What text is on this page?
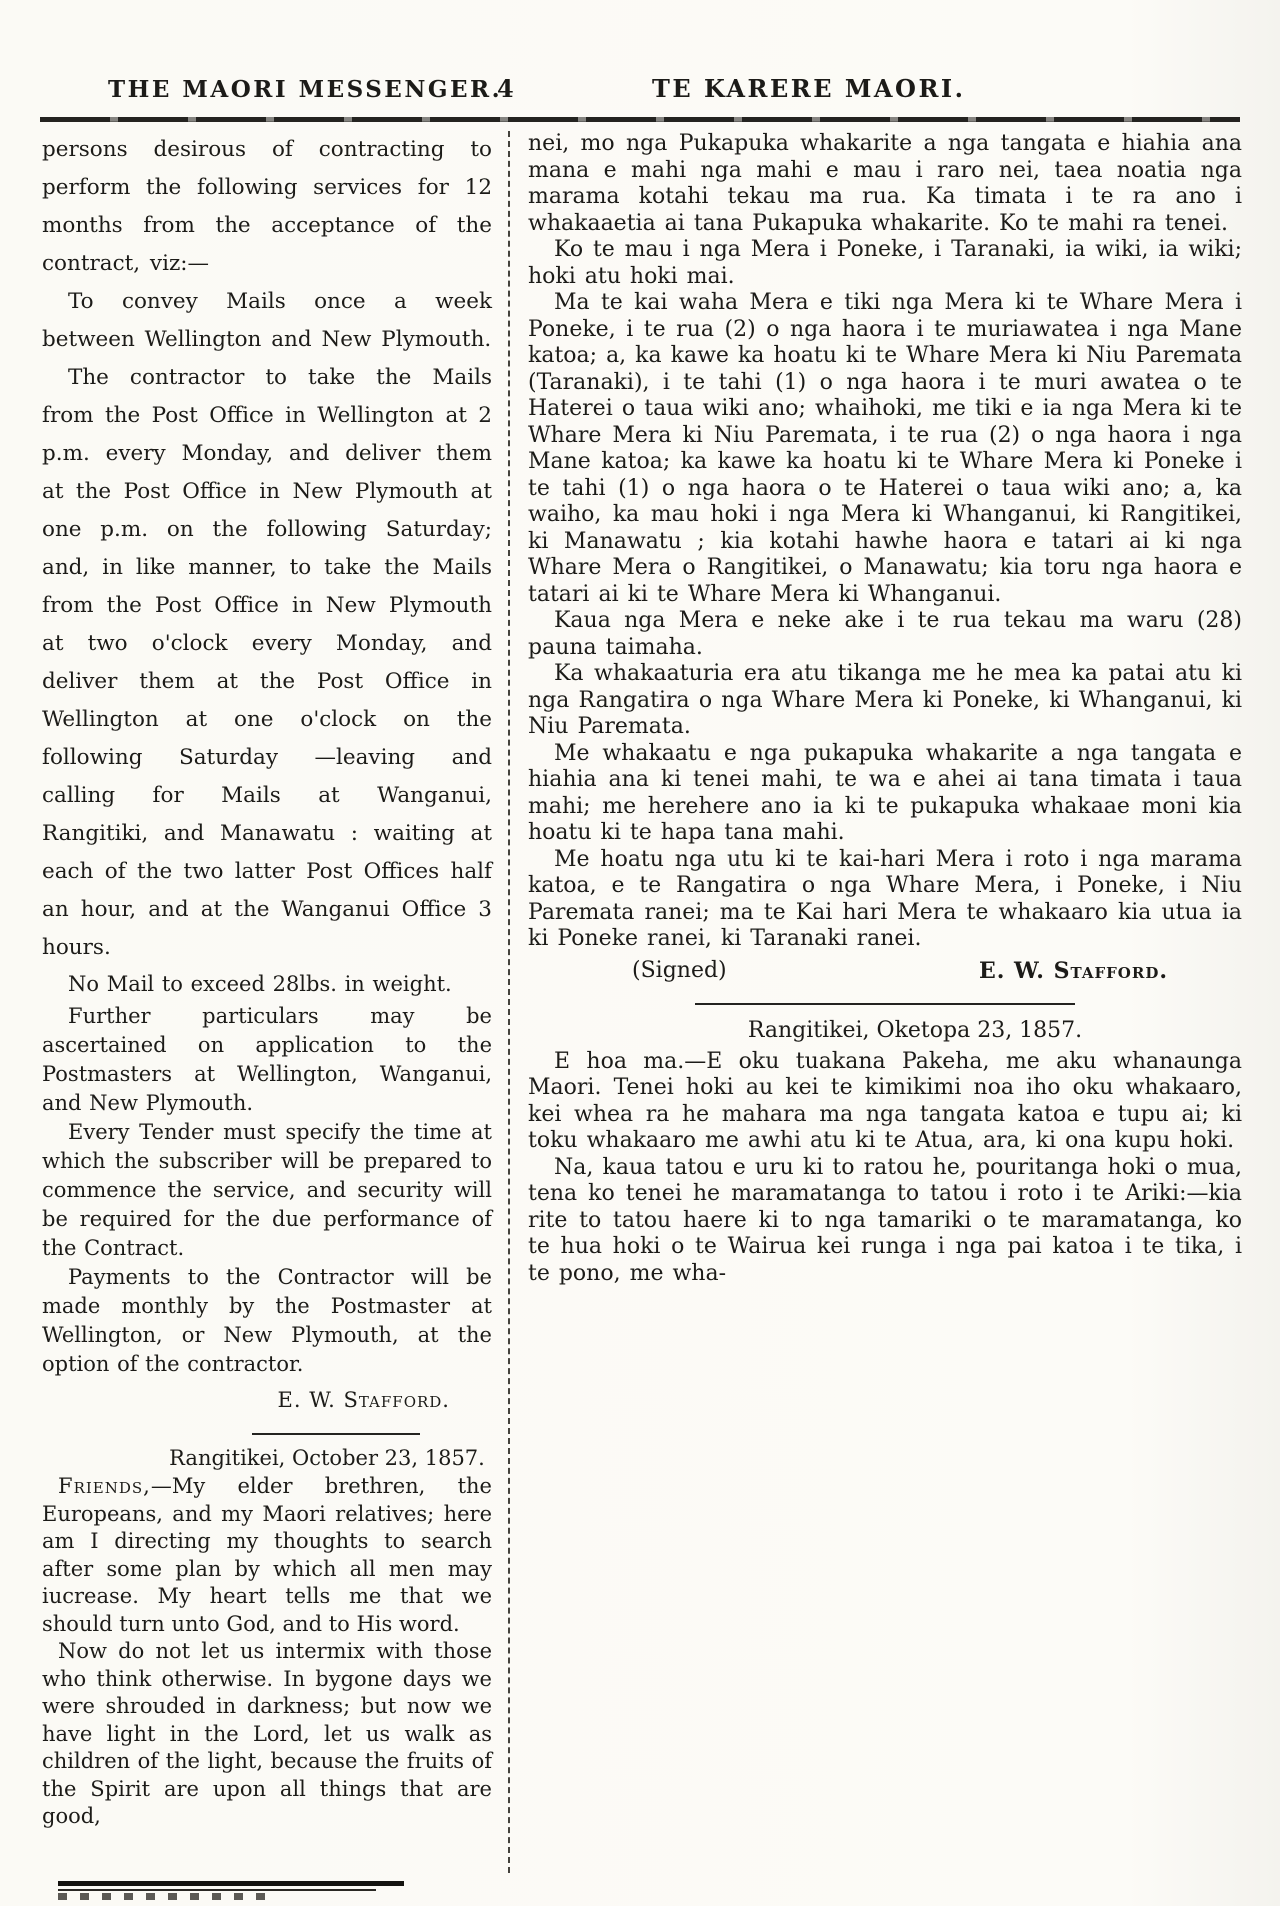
THE MAORI MESSENGER.
4	TE KARERE MAORI.

persons desirous of contracting to perform the following services for 12 months from the acceptance of the contract, viz:—

To convey Mails once a week between Wellington and New Plymouth.

The contractor to take the Mails from the Post Office in Wellington at 2 p.m. every Monday, and deliver them at the Post Office in New Plymouth at one p.m. on the following Saturday; and, in like manner, to take the Mails from the Post Office in New Plymouth at two o'clock every Monday, and deliver them at the Post Office in Wellington at one o'clock on the following Saturday —leaving and calling for Mails at Wanganui, Rangitiki, and Manawatu : waiting at each of the two latter Post Offices half an hour, and at the Wanganui Office 3 hours.

No Mail to exceed 28lbs. in weight.

Further particulars may be ascertained on application to the Postmasters at Wellington, Wanganui, and New Plymouth.

Every Tender must specify the time at which the subscriber will be prepared to commence the service, and security will be required for the due performance of the Contract.

Payments to the Contractor will be made monthly by the Postmaster at Wellington, or New Plymouth, at the option of the contractor.

E. W. Stafford.
Rangitikei, October 23, 1857.

Friends,—My elder brethren, the Europeans, and my Maori relatives; here am I directing my thoughts to search after some plan by which all men may iucrease. My heart tells me that we should turn unto God, and to His word.

Now do not let us intermix with those who think otherwise. In bygone days we were shrouded in darkness; but now we have light in the Lord, let us walk as children of the light, because the fruits of the Spirit are upon all things that are good,

nei, mo nga Pukapuka whakarite a nga tangata e hiahia ana mana e mahi nga mahi e mau i raro nei, taea noatia nga marama kotahi tekau ma rua. Ka timata i te ra ano i whakaaetia ai tana Pukapuka whakarite. Ko te mahi ra tenei.

Ko te mau i nga Mera i Poneke, i Taranaki, ia wiki, ia wiki; hoki atu hoki mai.

Ma te kai waha Mera e tiki nga Mera ki te Whare Mera i Poneke, i te rua (2) o nga haora i te muriawatea i nga Mane katoa; a, ka kawe ka hoatu ki te Whare Mera ki Niu Paremata (Taranaki), i te tahi (1) o nga haora i te muri awatea o te Haterei o taua wiki ano; whaihoki, me tiki e ia nga Mera ki te Whare Mera ki Niu Paremata, i te rua (2) o nga haora i nga Mane katoa; ka kawe ka hoatu ki te Whare Mera ki Poneke i te tahi (1) o nga haora o te Haterei o taua wiki ano; a, ka waiho, ka mau hoki i nga Mera ki Whanganui, ki Rangitikei, ki Manawatu ; kia kotahi hawhe haora e tatari ai ki nga Whare Mera o Rangitikei, o Manawatu; kia toru nga haora e tatari ai ki te Whare Mera ki Whanganui.

Kaua nga Mera e neke ake i te rua tekau ma waru (28) pauna taimaha.

Ka whakaaturia era atu tikanga me he mea ka patai atu ki nga Rangatira o nga Whare Mera ki Poneke, ki Whanganui, ki Niu Paremata.

Me whakaatu e nga pukapuka whakarite a nga tangata e hiahia ana ki tenei mahi, te wa e ahei ai tana timata i taua mahi; me herehere ano ia ki te pukapuka whakaae moni kia hoatu ki te hapa tana mahi.

Me hoatu nga utu ki te kai-hari Mera i roto i nga marama katoa, e te Rangatira o nga Whare Mera, i Poneke, i Niu Paremata ranei; ma te Kai hari Mera te whakaaro kia utua ia ki Poneke ranei, ki Taranaki ranei.

(Signed)	E. W. Stafford.
Rangitikei, Oketopa 23, 1857.

E hoa ma.—E oku tuakana Pakeha, me aku whanaunga Maori. Tenei hoki au kei te kimikimi noa iho oku whakaaro, kei whea ra he mahara ma nga tangata katoa e tupu ai; ki toku whakaaro me awhi atu ki te Atua, ara, ki ona kupu hoki.

Na, kaua tatou e uru ki to ratou he, pouritanga hoki o mua, tena ko tenei he maramatanga to tatou i roto i te Ariki:—kia rite to tatou haere ki to nga tamariki o te maramatanga, ko te hua hoki o te Wairua kei runga i nga pai katoa i te tika, i te pono, me wha-
